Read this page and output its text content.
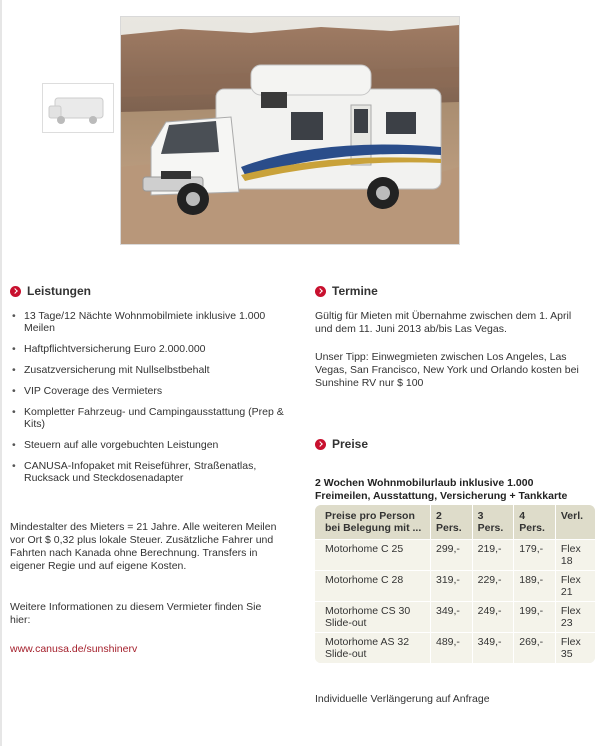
Leistungen
• 13 Tage/12 Nächte Wohnmobilmiete inklusive 1.000 Meilen
• Haftpflichtversicherung Euro 2.000.000
• Zusatzversicherung mit Nullselbstbehalt
• VIP Coverage des Vermieters
• Kompletter Fahrzeug- und Campingausstattung (Prep & Kits)
• Steuern auf alle vorgebuchten Leistungen
• CANUSA-Infopaket mit Reiseführer, Straßenatlas, Rucksack und Steckdosenadapter
Mindestalter des Mieters = 21 Jahre. Alle weiteren Meilen vor Ort $ 0,32 plus lokale Steuer. Zusätzliche Fahrer und Fahrten nach Kanada ohne Berechnung. Transfers in eigener Regie und auf eigene Kosten.
Weitere Informationen zu diesem Vermieter finden Sie hier:
www.canusa.de/sunshinerv
Termine
Gültig für Mieten mit Übernahme zwischen dem 1. April und dem 11. Juni 2013 ab/bis Las Vegas.
Unser Tipp: Einwegmieten zwischen Los Angeles, Las Vegas, San Francisco, New York und Orlando kosten bei Sunshine RV nur $ 100
Preise
2 Wochen Wohnmobilurlaub inklusive 1.000 Freimeilen, Ausstattung, Versicherung + Tankkarte
Preise pro Person bei Belegung mit ...	2 Pers.	3 Pers.	4 Pers.	Verl.
Motorhome C 25	299,-	219,-	179,-	Flex 18
Motorhome C 28	319,-	229,-	189,-	Flex 21
Motorhome CS 30 Slide-out	349,-	249,-	199,-	Flex 23
Motorhome AS 32 Slide-out	489,-	349,-	269,-	Flex 35
Individuelle Verlängerung auf Anfrage
